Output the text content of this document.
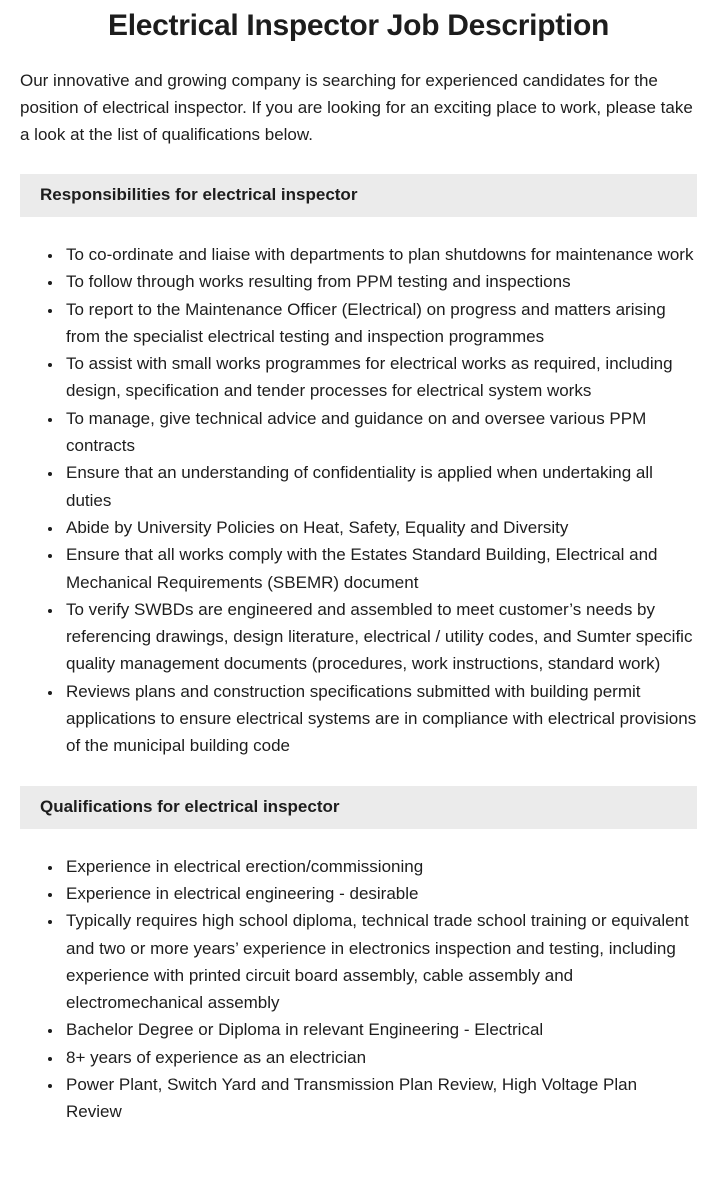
Electrical Inspector Job Description

Our innovative and growing company is searching for experienced candidates for the position of electrical inspector. If you are looking for an exciting place to work, please take a look at the list of qualifications below.

Responsibilities for electrical inspector
• To co-ordinate and liaise with departments to plan shutdowns for maintenance work
• To follow through works resulting from PPM testing and inspections
• To report to the Maintenance Officer (Electrical) on progress and matters arising from the specialist electrical testing and inspection programmes
• To assist with small works programmes for electrical works as required, including design, specification and tender processes for electrical system works
• To manage, give technical advice and guidance on and oversee various PPM contracts
• Ensure that an understanding of confidentiality is applied when undertaking all duties
• Abide by University Policies on Heat, Safety, Equality and Diversity
• Ensure that all works comply with the Estates Standard Building, Electrical and Mechanical Requirements (SBEMR) document
• To verify SWBDs are engineered and assembled to meet customer’s needs by referencing drawings, design literature, electrical / utility codes, and Sumter specific quality management documents (procedures, work instructions, standard work)
• Reviews plans and construction specifications submitted with building permit applications to ensure electrical systems are in compliance with electrical provisions of the municipal building code
Qualifications for electrical inspector
• Experience in electrical erection/commissioning
• Experience in electrical engineering - desirable
• Typically requires high school diploma, technical trade school training or equivalent and two or more years’ experience in electronics inspection and testing, including experience with printed circuit board assembly, cable assembly and electromechanical assembly
• Bachelor Degree or Diploma in relevant Engineering - Electrical
• 8+ years of experience as an electrician
• Power Plant, Switch Yard and Transmission Plan Review, High Voltage Plan Review
